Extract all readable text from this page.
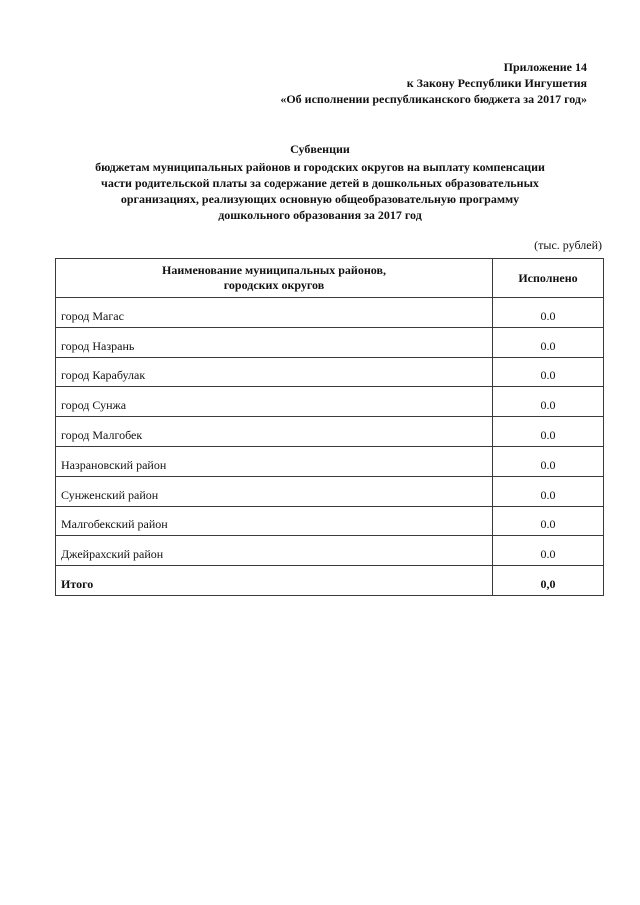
Приложение 14
к Закону Республики Ингушетия
«Об исполнении республиканского бюджета за 2017 год»
Субвенции
бюджетам муниципальных районов и городских округов на выплату компенсации
части родительской платы за содержание детей в дошкольных образовательных
организациях, реализующих основную общеобразовательную программу
дошкольного образования за 2017 год
(тыс. рублей)
Наименование муниципальных районов,
городских округов	Исполнено
город Магас	0.0
город Назрань	0.0
город Карабулак	0.0
город Сунжа	0.0
город Малгобек	0.0
Назрановский район	0.0
Сунженский район	0.0
Малгобекский район	0.0
Джейрахский район	0.0
Итого	0,0
